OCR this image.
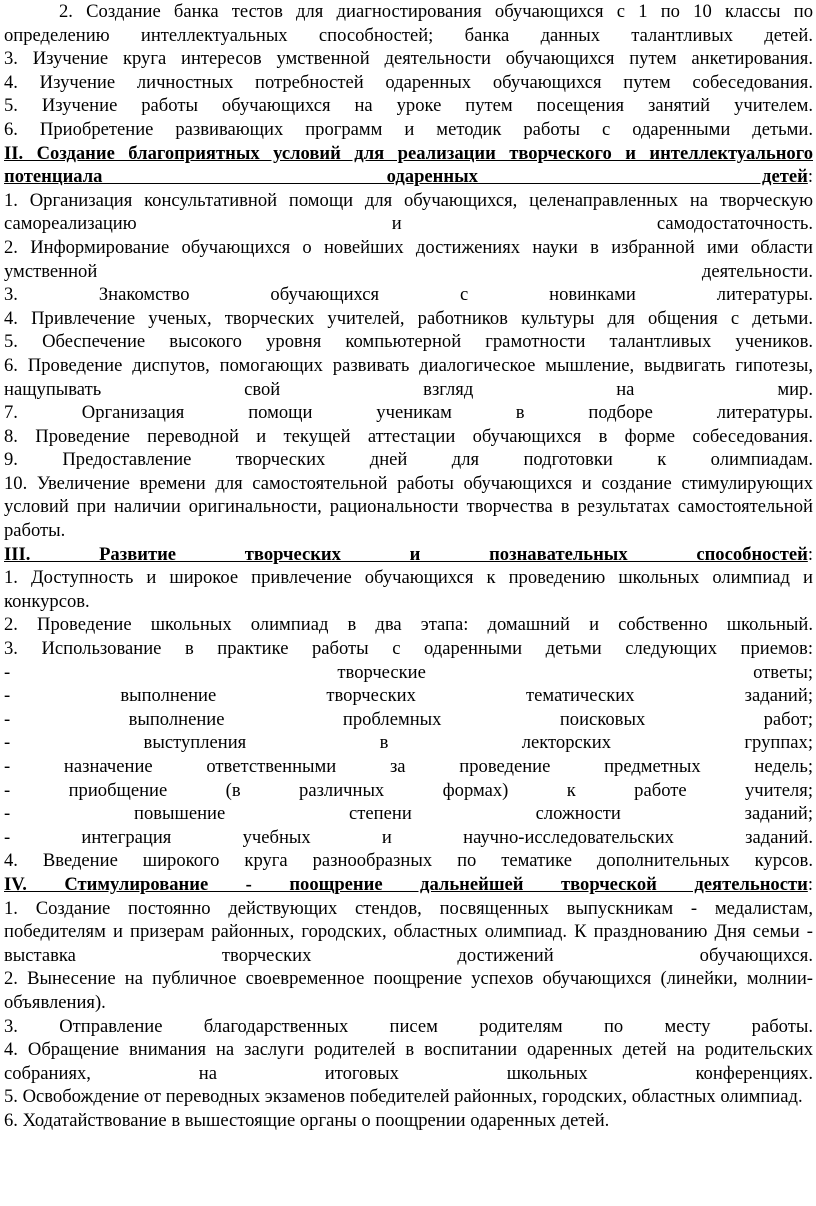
2. Создание банка тестов для диагностирования обучающихся с 1 по 10 классы по определению интеллектуальных способностей; банка данных талантливых детей.
3. Изучение круга интересов умственной деятельности обучающихся путем анкетирования.
4. Изучение личностных потребностей одаренных обучающихся путем собеседования.
5. Изучение работы обучающихся на уроке путем посещения занятий учителем.
6. Приобретение развивающих программ и методик работы с одаренными детьми.
II. Создание благоприятных условий для реализации творческого и интеллектуального потенциала одаренных детей:
1. Организация консультативной помощи для обучающихся, целенаправленных на творческую самореализацию и самодостаточность.
2. Информирование обучающихся о новейших достижениях науки в избранной ими области умственной деятельности.
3. Знакомство обучающихся с новинками литературы.
4. Привлечение ученых, творческих учителей, работников культуры для общения с детьми.
5. Обеспечение высокого уровня компьютерной грамотности талантливых учеников.
6. Проведение диспутов, помогающих развивать диалогическое мышление, выдвигать гипотезы, нащупывать свой взгляд на мир.
7. Организация помощи ученикам в подборе литературы.
8. Проведение переводной и текущей аттестации обучающихся в форме собеседования.
9. Предоставление творческих дней для подготовки к олимпиадам.
10. Увеличение времени для самостоятельной работы обучающихся и создание стимулирующих условий при наличии оригинальности, рациональности творчества в результатах самостоятельной работы.
III. Развитие творческих и познавательных способностей:
1. Доступность и широкое привлечение обучающихся к проведению школьных олимпиад и конкурсов.
2. Проведение школьных олимпиад в два этапа: домашний и собственно школьный.
3. Использование в практике работы с одаренными детьми следующих приемов:
- творческие ответы;
- выполнение творческих тематических заданий;
- выполнение проблемных поисковых работ;
- выступления в лекторских группах;
- назначение ответственными за проведение предметных недель;
- приобщение (в различных формах) к работе учителя;
- повышение степени сложности заданий;
- интеграция учебных и научно-исследовательских заданий.
4. Введение широкого круга разнообразных по тематике дополнительных курсов.
IV. Стимулирование - поощрение дальнейшей творческой деятельности:
1. Создание постоянно действующих стендов, посвященных выпускникам - медалистам, победителям и призерам районных, городских, областных олимпиад. К празднованию Дня семьи - выставка творческих достижений обучающихся.
2. Вынесение на публичное своевременное поощрение успехов обучающихся (линейки, молнии-объявления).
3. Отправление благодарственных писем родителям по месту работы.
4. Обращение внимания на заслуги родителей в воспитании одаренных детей на родительских собраниях, на итоговых школьных конференциях.
5. Освобождение от переводных экзаменов победителей районных, городских, областных олимпиад.
6. Ходатайствование в вышестоящие органы о поощрении одаренных детей.
